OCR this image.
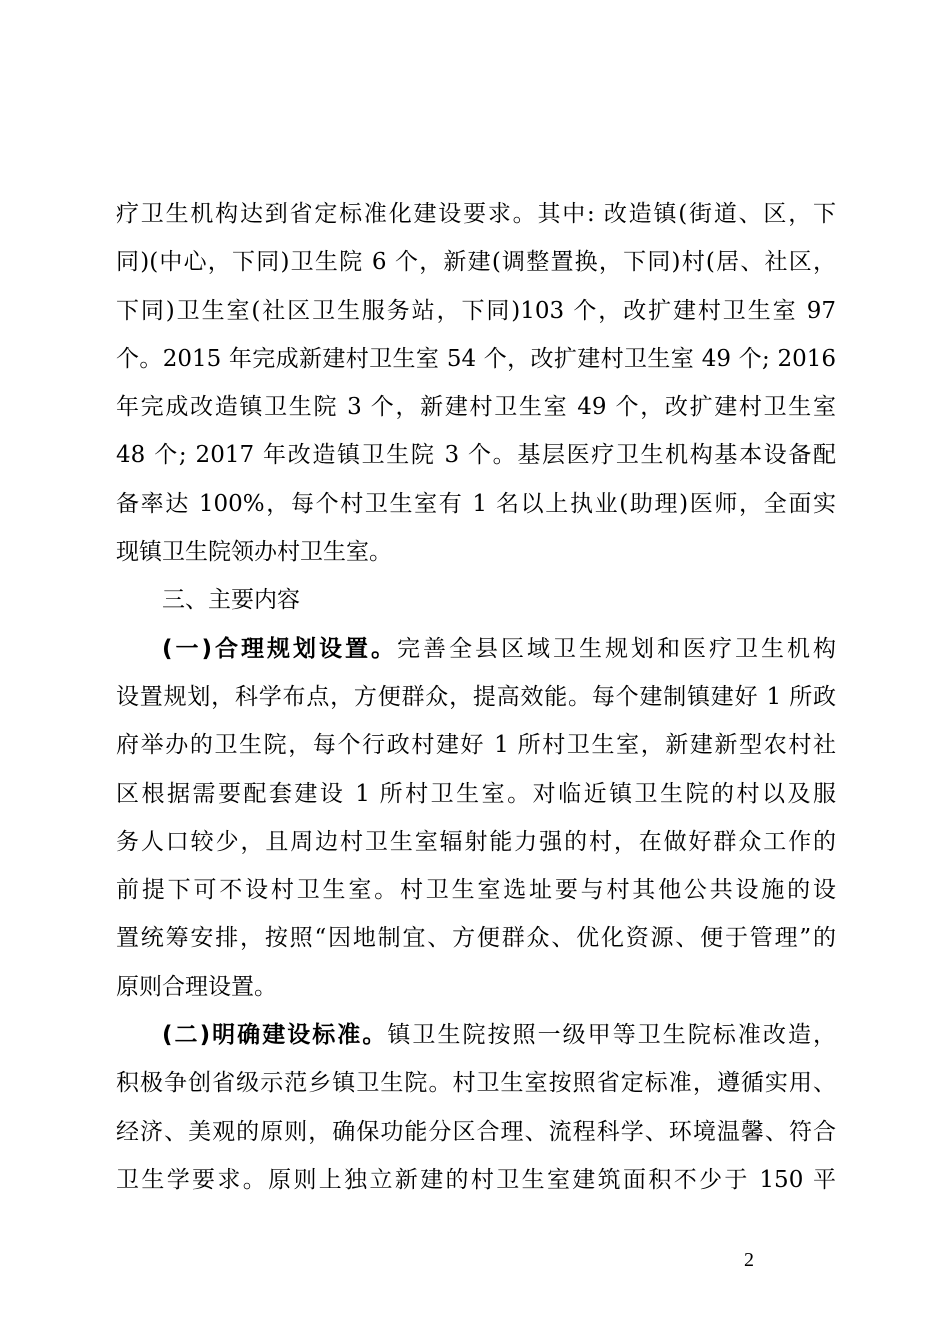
疗卫生机构达到省定标准化建设要求。其中: 改造镇(街道、区，下
同)(中心，下同)卫生院 6 个，新建(调整置换，下同)村(居、社区，
下同)卫生室(社区卫生服务站，下同)103 个，改扩建村卫生室 97
个。2015 年完成新建村卫生室 54 个，改扩建村卫生室 49 个; 2016
年完成改造镇卫生院 3 个，新建村卫生室 49 个，改扩建村卫生室
48 个; 2017 年改造镇卫生院 3 个。基层医疗卫生机构基本设备配
备率达 100%，每个村卫生室有 1 名以上执业(助理)医师，全面实
现镇卫生院领办村卫生室。
三、主要内容
(一)合理规划设置。完善全县区域卫生规划和医疗卫生机构
设置规划，科学布点，方便群众，提高效能。每个建制镇建好 1 所政
府举办的卫生院，每个行政村建好 1 所村卫生室，新建新型农村社
区根据需要配套建设 1 所村卫生室。对临近镇卫生院的村以及服
务人口较少，且周边村卫生室辐射能力强的村，在做好群众工作的
前提下可不设村卫生室。村卫生室选址要与村其他公共设施的设
置统筹安排，按照“因地制宜、方便群众、优化资源、便于管理”的
原则合理设置。
(二)明确建设标准。镇卫生院按照一级甲等卫生院标准改造，
积极争创省级示范乡镇卫生院。村卫生室按照省定标准，遵循实用、
经济、美观的原则，确保功能分区合理、流程科学、环境温馨、符合
卫生学要求。原则上独立新建的村卫生室建筑面积不少于 150 平
2
